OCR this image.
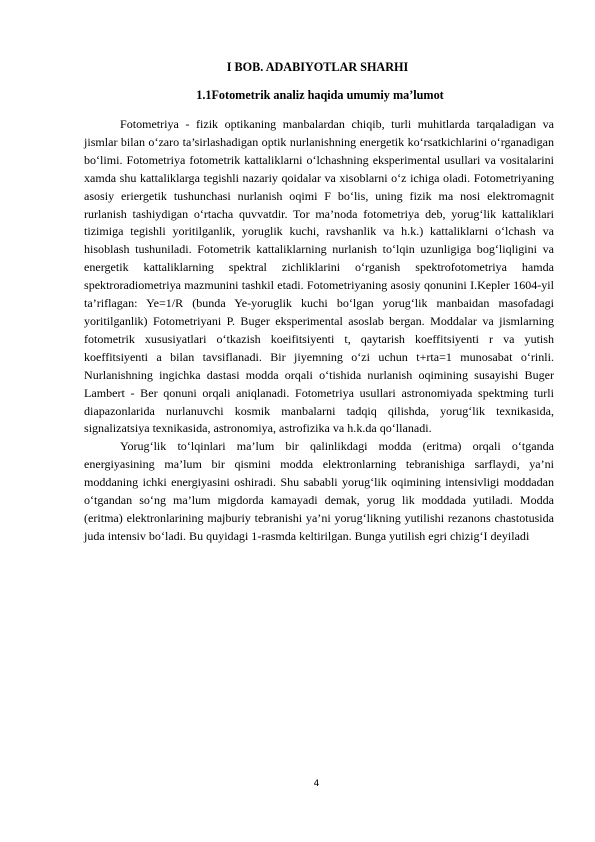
I BOB. ADABIYOTLAR SHARHI
1.1Fotometrik analiz haqida umumiy ma’lumot

Fotometriya - fizik optikaning manbalardan chiqib, turli muhitlarda tarqaladigan va jismlar bilan o‘zaro ta’sirlashadigan optik nurlanishning energetik ko‘rsatkichlarini o‘rganadigan bo‘limi. Fotometriya fotometrik kattaliklarni o‘lchashning eksperimental usullari va vositalarini xamda shu kattaliklarga tegishli nazariy qoidalar va xisoblarni o‘z ichiga oladi. Fotometriyaning asosiy eriergetik tushunchasi nurlanish oqimi F bo‘lis, uning fizik ma nosi elektromagnit rurlanish tashiydigan o‘rtacha quvvatdir. Tor ma’noda fotometriya deb, yorug‘lik kattaliklari tizimiga tegishli yoritilganlik, yoruglik kuchi, ravshanlik va h.k.) kattaliklarni o‘lchash va hisoblash tushuniladi. Fotometrik kattaliklarning nurlanish to‘lqin uzunligiga bog‘liqligini va energetik kattaliklarning spektral zichliklarini o‘rganish spektrofotometriya hamda spektroradiometriya mazmunini tashkil etadi. Fotometriyaning asosiy qonunini I.Kepler 1604-yil ta’riflagan: Ye=1/R (bunda Ye-yoruglik kuchi bo‘lgan yorug‘lik manbaidan masofadagi yoritilganlik) Fotometriyani P. Buger eksperimental asoslab bergan. Moddalar va jismlarning fotometrik xususiyatlari o‘tkazish koeifitsiyenti t, qaytarish koeffitsiyenti r va yutish koeffitsiyenti a bilan tavsiflanadi. Bir jiyemning o‘zi uchun t+rta=1 munosabat o‘rinli. Nurlanishning ingichka dastasi modda orqali o‘tishida nurlanish oqimining susayishi Buger Lambert - Ber qonuni orqali aniqlanadi. Fotometriya usullari astronomiyada spektming turli diapazonlarida nurlanuvchi kosmik manbalarni tadqiq qilishda, yorug‘lik texnikasida, signalizatsiya texnikasida, astronomiya, astrofizika va h.k.da qo‘llanadi.

Yorug‘lik to‘lqinlari ma’lum bir qalinlikdagi modda (eritma) orqali o‘tganda energiyasining ma’lum bir qismini modda elektronlarning tebranishiga sarflaydi, ya’ni moddaning ichki energiyasini oshiradi. Shu sababli yorug‘lik oqimining intensivligi moddadan o‘tgandan so‘ng ma’lum migdorda kamayadi demak, yorug lik moddada yutiladi. Modda (eritma) elektronlarining majburiy tebranishi ya’ni yorug‘likning yutilishi rezanons chastotusida juda intensiv bo‘ladi. Bu quyidagi 1-rasmda keltirilgan. Bunga yutilish egri chizig‘I deyiladi

4
